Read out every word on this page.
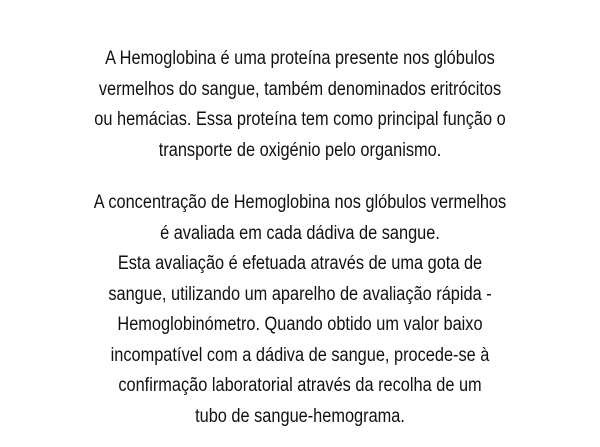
A Hemoglobina é uma proteína presente nos glóbulos
vermelhos do sangue, também denominados eritrócitos
ou hemácias. Essa proteína tem como principal função o
transporte de oxigénio pelo organismo.
A concentração de Hemoglobina nos glóbulos vermelhos
é avaliada em cada dádiva de sangue.
Esta avaliação é efetuada através de uma gota de
sangue, utilizando um aparelho de avaliação rápida -
Hemoglobinómetro. Quando obtido um valor baixo
incompatível com a dádiva de sangue, procede-se à
confirmação laboratorial através da recolha de um
tubo de sangue-hemograma.
